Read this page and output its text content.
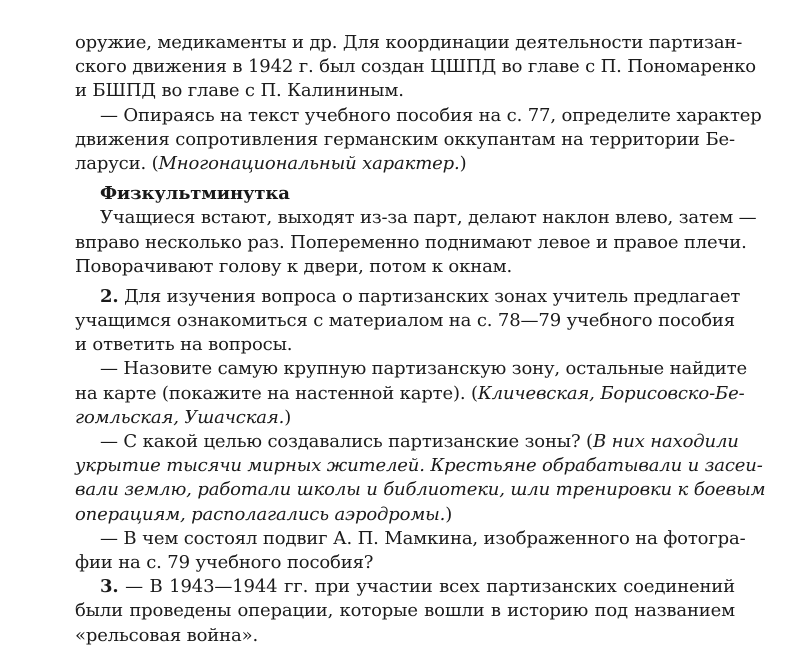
оружие, медикаменты и др. Для координации деятельности партизан-
ского движения в 1942 г. был создан ЦШПД во главе с П. Пономаренко
и БШПД во главе с П. Калининым.
— Опираясь на текст учебного пособия на с. 77, определите характер
движения сопротивления германским оккупантам на территории Бе-
ларуси. (Многонациональный характер.)
Физкультминутка
Учащиеся встают, выходят из-за парт, делают наклон влево, затем —
вправо несколько раз. Попеременно поднимают левое и правое плечи.
Поворачивают голову к двери, потом к окнам.
2. Для изучения вопроса о партизанских зонах учитель предлагает
учащимся ознакомиться с материалом на с. 78—79 учебного пособия
и ответить на вопросы.
— Назовите самую крупную партизанскую зону, остальные найдите
на карте (покажите на настенной карте). (Кличевская, Борисовско-Бе-
гомльская, Ушачская.)
— С какой целью создавались партизанские зоны? (В них находили
укрытие тысячи мирных жителей. Крестьяне обрабатывали и засеи-
вали землю, работали школы и библиотеки, шли тренировки к боевым
операциям, располагались аэродромы.)
— В чем состоял подвиг А. П. Мамкина, изображенного на фотогра-
фии на с. 79 учебного пособия?
3. — В 1943—1944 гг. при участии всех партизанских соединений
были проведены операции, которые вошли в историю под названием
«рельсовая война».
